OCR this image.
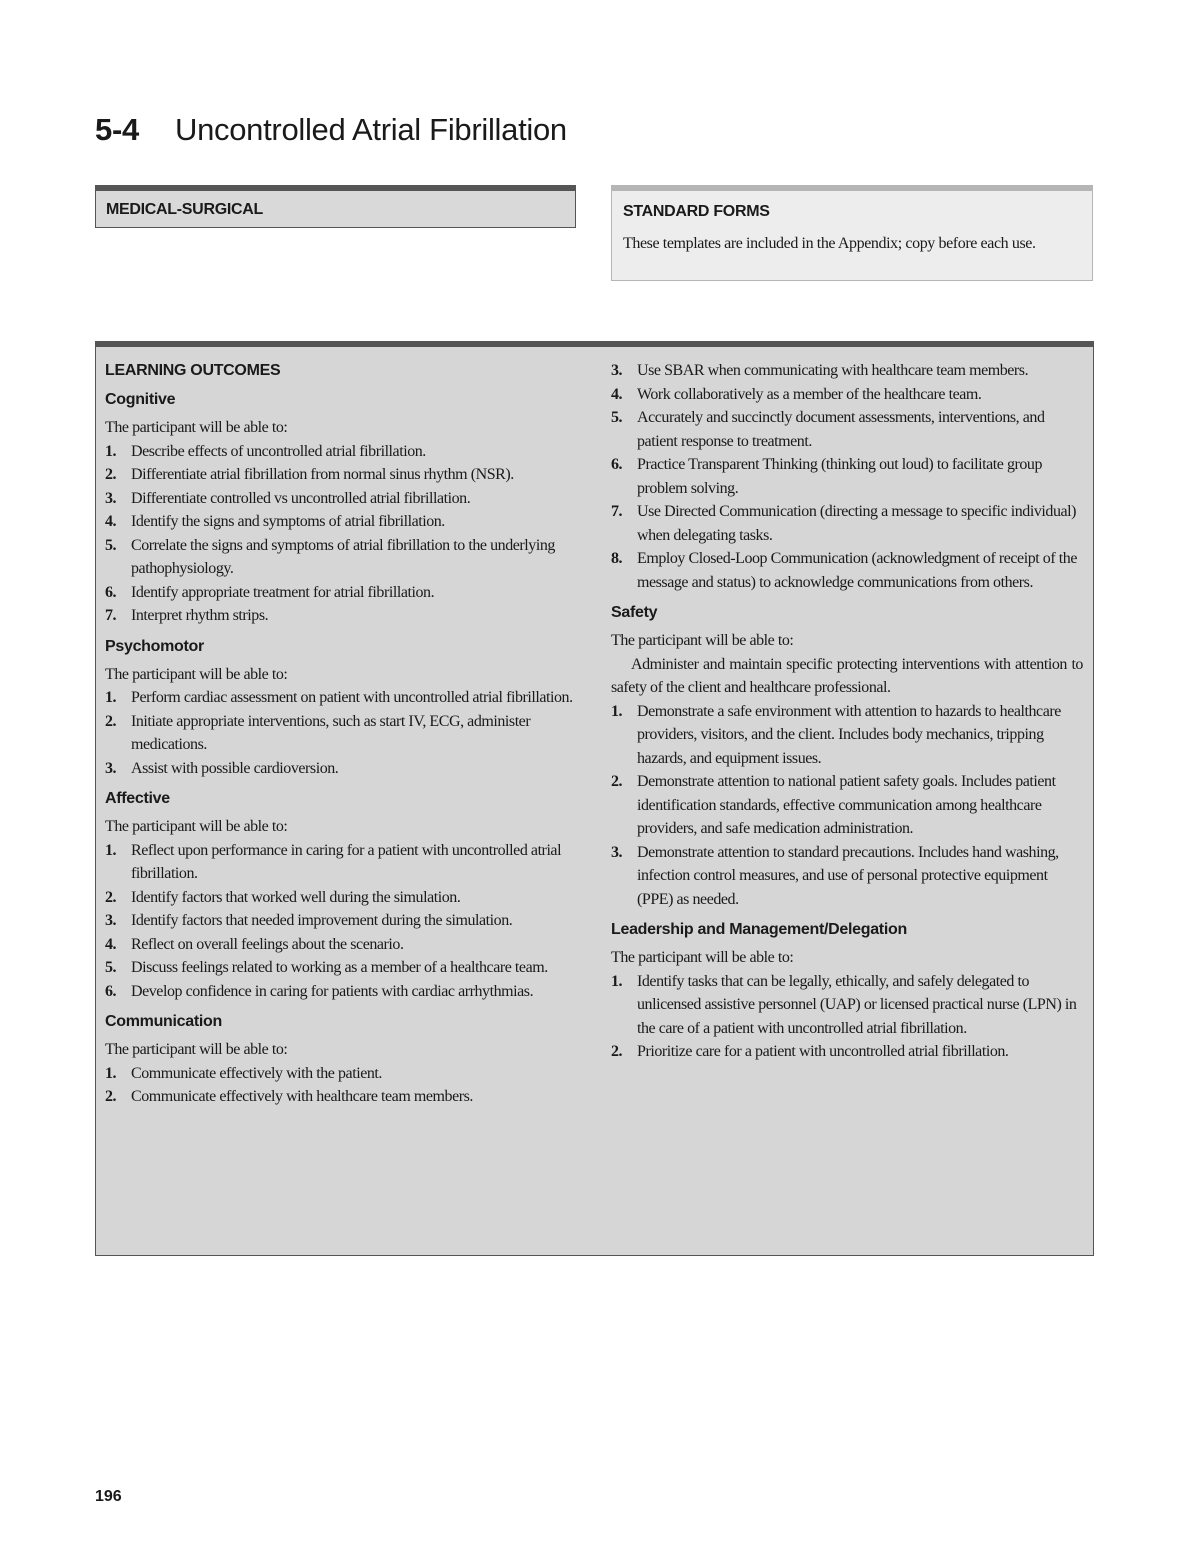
5-4 Uncontrolled Atrial Fibrillation
MEDICAL-SURGICAL	STANDARD FORMS
These templates are included in the Appendix; copy before each use.
LEARNING OUTCOMES
Cognitive

The participant will be able to:

1. Describe effects of uncontrolled atrial fibrillation.
2. Differentiate atrial fibrillation from normal sinus rhythm (NSR).
3. Differentiate controlled vs uncontrolled atrial fibrillation.
4. Identify the signs and symptoms of atrial fibrillation.
5. Correlate the signs and symptoms of atrial fibrillation to the underlying pathophysiology.
6. Identify appropriate treatment for atrial fibrillation.
7. Interpret rhythm strips.
Psychomotor

The participant will be able to:

1. Perform cardiac assessment on patient with uncontrolled atrial fibrillation.
2. Initiate appropriate interventions, such as start IV, ECG, administer medications.
3. Assist with possible cardioversion.
Affective

The participant will be able to:

1. Reflect upon performance in caring for a patient with uncontrolled atrial fibrillation.
2. Identify factors that worked well during the simulation.
3. Identify factors that needed improvement during the simulation.
4. Reflect on overall feelings about the scenario.
5. Discuss feelings related to working as a member of a healthcare team.
6. Develop confidence in caring for patients with cardiac arrhythmias.
Communication

The participant will be able to:

1. Communicate effectively with the patient.
2. Communicate effectively with healthcare team members.
3. Use SBAR when communicating with healthcare team members.
4. Work collaboratively as a member of the healthcare team.
5. Accurately and succinctly document assessments, interventions, and patient response to treatment.
6. Practice Transparent Thinking (thinking out loud) to facilitate group problem solving.
7. Use Directed Communication (directing a message to specific individual) when delegating tasks.
8. Employ Closed-Loop Communication (acknowledgment of receipt of the message and status) to acknowledge communications from others.
Safety

The participant will be able to:

Administer and maintain specific protecting interventions with attention to safety of the client and healthcare professional.

1. Demonstrate a safe environment with attention to hazards to healthcare providers, visitors, and the client. Includes body mechanics, tripping hazards, and equipment issues.
2. Demonstrate attention to national patient safety goals. Includes patient identification standards, effective communication among healthcare providers, and safe medication administration.
3. Demonstrate attention to standard precautions. Includes hand washing, infection control measures, and use of personal protective equipment (PPE) as needed.
Leadership and Management/Delegation

The participant will be able to:

1. Identify tasks that can be legally, ethically, and safely delegated to unlicensed assistive personnel (UAP) or licensed practical nurse (LPN) in the care of a patient with uncontrolled atrial fibrillation.
2. Prioritize care for a patient with uncontrolled atrial fibrillation.
196
